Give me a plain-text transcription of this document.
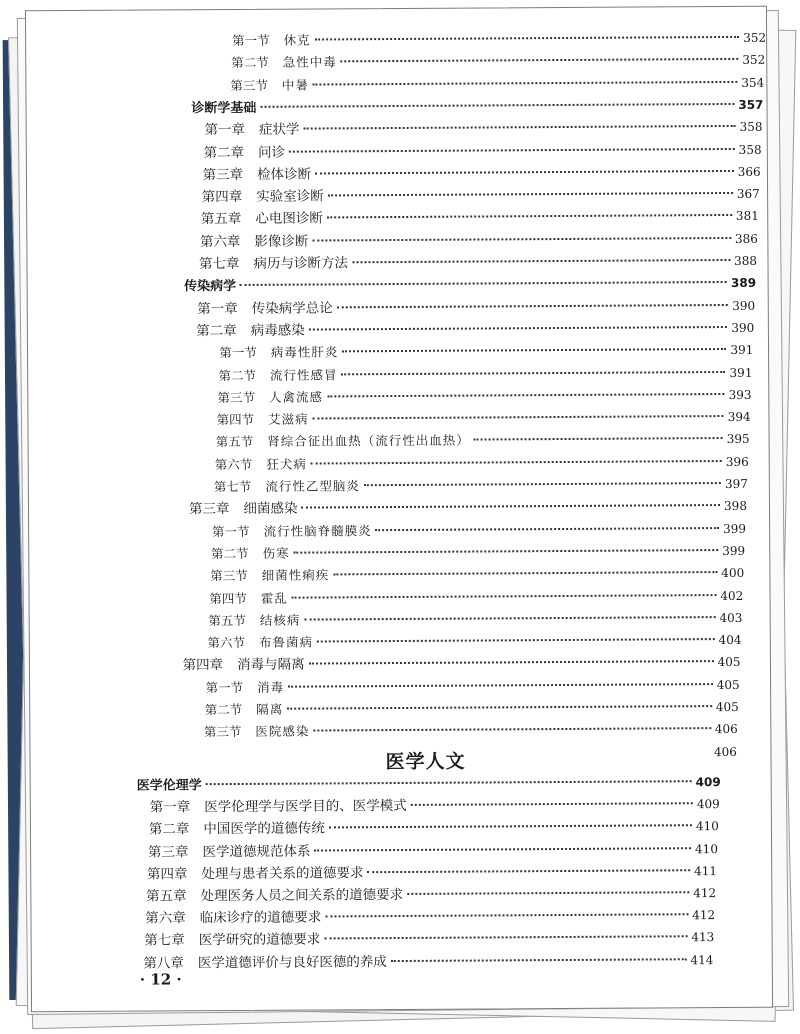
医学人文
· 12 ·
第一节 休克	352
第二节 急性中毒	352
第三节 中暑	354
诊断学基础	357
第一章 症状学	358
第二章 问诊	358
第三章 检体诊断	366
第四章 实验室诊断	367
第五章 心电图诊断	381
第六章 影像诊断	386
第七章 病历与诊断方法	388
传染病学	389
第一章 传染病学总论	390
第二章 病毒感染	390
第一节 病毒性肝炎	391
第二节 流行性感冒	391
第三节 人禽流感	393
第四节 艾滋病	394
第五节 肾综合征出血热（流行性出血热）	395
第六节 狂犬病	396
第七节 流行性乙型脑炎	397
第三章 细菌感染	398
第一节 流行性脑脊髓膜炎	399
第二节 伤寒	399
第三节 细菌性痢疾	400
第四节 霍乱	402
第五节 结核病	403
第六节 布鲁菌病	404
第四章 消毒与隔离	405
第一节 消毒	405
第二节 隔离	405
第三节 医院感染	406
406
医学伦理学	409
第一章 医学伦理学与医学目的、医学模式	409
第二章 中国医学的道德传统	410
第三章 医学道德规范体系	410
第四章 处理与患者关系的道德要求	411
第五章 处理医务人员之间关系的道德要求	412
第六章 临床诊疗的道德要求	412
第七章 医学研究的道德要求	413
第八章 医学道德评价与良好医德的养成	414
